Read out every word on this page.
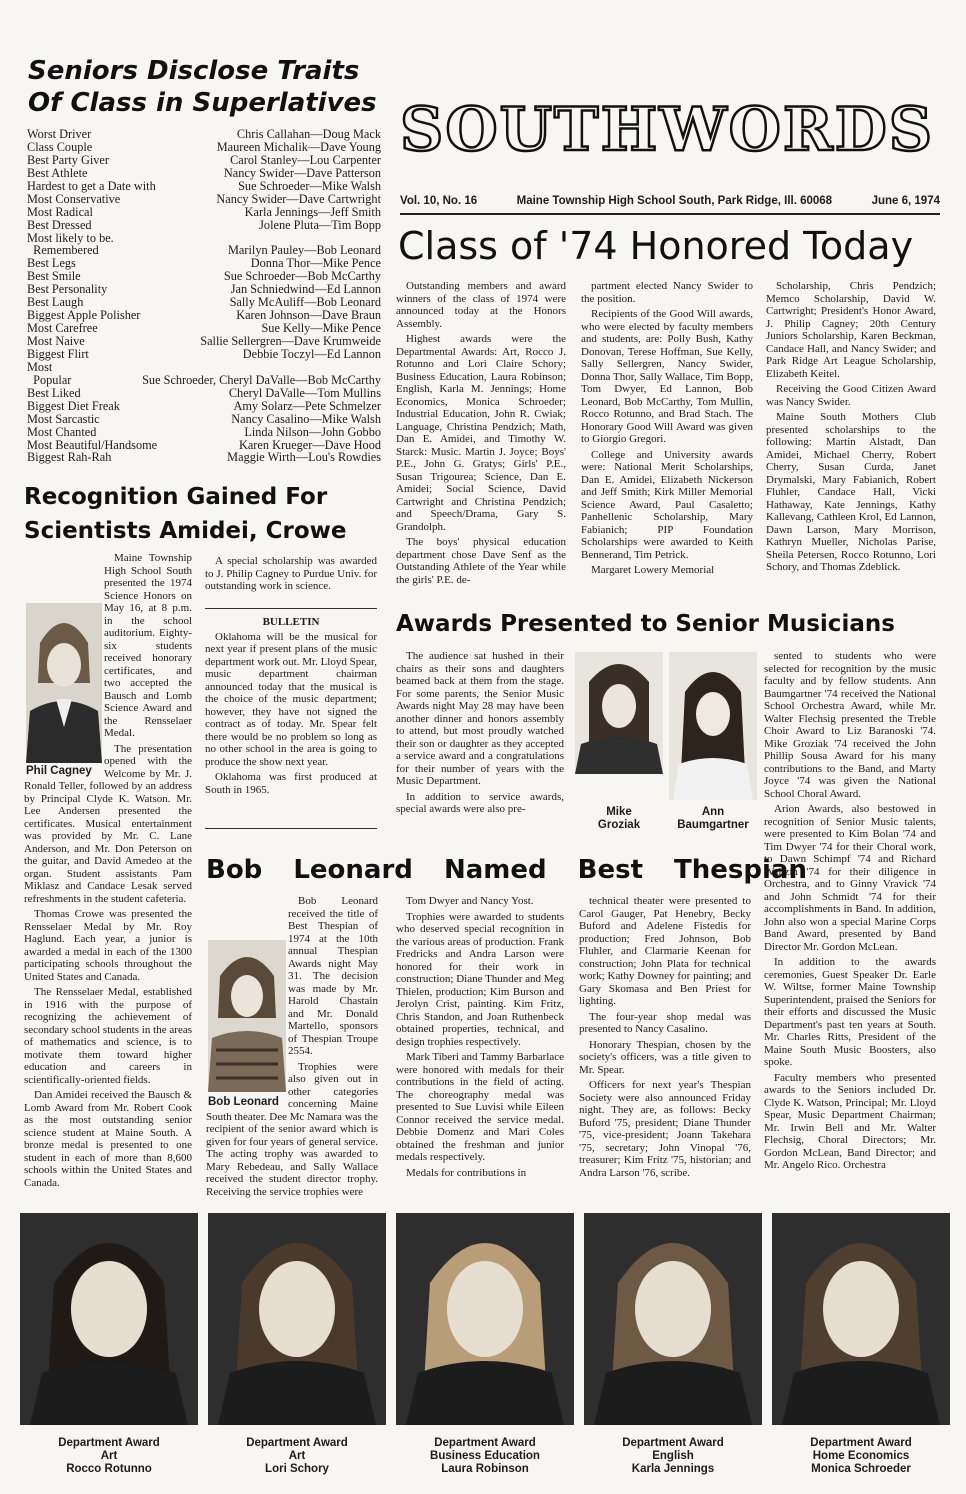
Seniors Disclose Traits
Of Class in Superlatives
Worst Driver	Chris Callahan—Doug Mack
Class Couple	Maureen Michalik—Dave Young
Best Party Giver	Carol Stanley—Lou Carpenter
Best Athlete	Nancy Swider—Dave Patterson
Hardest to get a Date with	Sue Schroeder—Mike Walsh
Most Conservative	Nancy Swider—Dave Cartwright
Most Radical	Karla Jennings—Jeff Smith
Best Dressed	Jolene Pluta—Tim Bopp
Most likely to be.
Remembered	Marilyn Pauley—Bob Leonard
Best Legs	Donna Thor—Mike Pence
Best Smile	Sue Schroeder—Bob McCarthy
Best Personality	Jan Schniedwind—Ed Lannon
Best Laugh	Sally McAuliff—Bob Leonard
Biggest Apple Polisher	Karen Johnson—Dave Braun
Most Carefree	Sue Kelly—Mike Pence
Most Naive	Sallie Sellergren—Dave Krumweide
Biggest Flirt	Debbie Toczyl—Ed Lannon
Most
Popular	Sue Schroeder, Cheryl DaValle—Bob McCarthy
Best Liked	Cheryl DaValle—Tom Mullins
Biggest Diet Freak	Amy Solarz—Pete Schmelzer
Most Sarcastic	Nancy Casalino—Mike Walsh
Most Chanted	Linda Nilson—John Gobbo
Most Beautiful/Handsome	Karen Krueger—Dave Hood
Biggest Rah-Rah	Maggie Wirth—Lou's Rowdies
SOUTHWORDS
Vol. 10, No. 16	Maine Township High School South, Park Ridge, Ill. 60068	June 6, 1974
Class of '74 Honored Today

Outstanding members and award winners of the class of 1974 were announced today at the Honors Assembly.

Highest awards were the Departmental Awards: Art, Rocco J. Rotunno and Lori Claire Schory; Business Education, Laura Robinson; English, Karla M. Jennings; Home Economics, Monica Schroeder; Industrial Education, John R. Cwiak; Language, Christina Pendzich; Math, Dan E. Amidei, and Timothy W. Starck: Music. Martin J. Joyce; Boys' P.E., John G. Gratys; Girls' P.E., Susan Trigourea; Science, Dan E. Amidei; Social Science, David Cartwright and Christina Pendzich; and Speech/Drama, Gary S. Grandolph.

The boys' physical education department chose Dave Senf as the Outstanding Athlete of the Year while the girls' P.E. de-

partment elected Nancy Swider to the position.

Recipients of the Good Will awards, who were elected by faculty members and students, are: Polly Bush, Kathy Donovan, Terese Hoffman, Sue Kelly, Sally Sellergren, Nancy Swider, Donna Thor, Sally Wallace, Tim Bopp, Tom Dwyer, Ed Lannon, Bob Leonard, Bob McCarthy, Tom Mullin, Rocco Rotunno, and Brad Stach. The Honorary Good Will Award was given to Giorgio Gregori.

College and University awards were: National Merit Scholarships, Dan E. Amidei, Elizabeth Nickerson and Jeff Smith; Kirk Miller Memorial Science Award, Paul Casaletto; Panhellenic Scholarship, Mary Fabianich; PIP Foundation Scholarships were awarded to Keith Bennerand, Tim Petrick.

Margaret Lowery Memorial

Scholarship, Chris Pendzich; Memco Scholarship, David W. Cartwright; President's Honor Award, J. Philip Cagney; 20th Century Juniors Scholarship, Karen Beckman, Candace Hall, and Nancy Swider; and Park Ridge Art League Scholarship, Elizabeth Keitel.

Receiving the Good Citizen Award was Nancy Swider.

Maine South Mothers Club presented scholarships to the following: Martin Alstadt, Dan Amidei, Michael Cherry, Robert Cherry, Susan Curda, Janet Drymalski, Mary Fabianich, Robert Fluhler, Candace Hall, Vicki Hathaway, Kate Jennings, Kathy Kallevang, Cathleen Krol, Ed Lannon, Dawn Larson, Mary Morrison, Kathryn Mueller, Nicholas Parise, Sheila Petersen, Rocco Rotunno, Lori Schory, and Thomas Zdeblick.

Recognition Gained For
Scientists Amidei, Crowe
Phil Cagney

Maine Township High School South presented the 1974 Science Honors on May 16, at 8 p.m. in the school auditorium. Eighty-six students received honorary certificates, and two accepted the Bausch and Lomb Science Award and the Rensselaer Medal.

The presentation opened with the Welcome by Mr. J. Ronald Teller, followed by an address by Principal Clyde K. Watson. Mr. Lee Andersen presented the certificates. Musical entertainment was provided by Mr. C. Lane Anderson, and Mr. Don Peterson on the guitar, and David Amedeo at the organ. Student assistants Pam Miklasz and Candace Lesak served refreshments in the student cafeteria.

Thomas Crowe was presented the Rensselaer Medal by Mr. Roy Haglund. Each year, a junior is awarded a medal in each of the 1300 participating schools throughout the United States and Canada.

The Rensselaer Medal, established in 1916 with the purpose of recognizing the achievement of secondary school students in the areas of mathematics and science, is to motivate them toward higher education and careers in scientifically-oriented fields.

Dan Amidei received the Bausch & Lomb Award from Mr. Robert Cook as the most outstanding senior science student at Maine South. A bronze medal is presented to one student in each of more than 8,600 schools within the United States and Canada.

A special scholarship was awarded to J. Philip Cagney to Purdue Univ. for outstanding work in science.

BULLETIN

Oklahoma will be the musical for next year if present plans of the music department work out. Mr. Lloyd Spear, music department chairman announced today that the musical is the choice of the music department; however, they have not signed the contract as of today. Mr. Spear felt there would be no problem so long as no other school in the area is going to produce the show next year.

Oklahoma was first produced at South in 1965.

Awards Presented to Senior Musicians

The audience sat hushed in their chairs as their sons and daughters beamed back at them from the stage. For some parents, the Senior Music Awards night May 28 may have been another dinner and honors assembly to attend, but most proudly watched their son or daughter as they accepted a service award and a congratulations for their number of years with the Music Department.

In addition to service awards, special awards were also pre-	Mike
Groziak
Ann
Baumgartner

sented to students who were selected for recognition by the music faculty and by fellow students. Ann Baumgartner '74 received the National School Orchestra Award, while Mr. Walter Flechsig presented the Treble Choir Award to Liz Baranoski '74. Mike Groziak '74 received the John Phillip Sousa Award for his many contributions to the Band, and Marty Joyce '74 was given the National School Choral Award.

Arion Awards, also bestowed in recognition of Senior Music talents, were presented to Kim Bolan '74 and Tim Dwyer '74 for their Choral work, to Dawn Schimpf '74 and Richard Waltzin '74 for their diligence in Orchestra, and to Ginny Vravick '74 and John Schmidt '74 for their accomplishments in Band. In addition, John also won a special Marine Corps Band Award, presented by Band Director Mr. Gordon McLean.

In addition to the awards ceremonies, Guest Speaker Dr. Earle W. Wiltse, former Maine Township Superintendent, praised the Seniors for their efforts and discussed the Music Department's past ten years at South. Mr. Charles Ritts, President of the Maine South Music Boosters, also spoke.

Faculty members who presented awards to the Seniors included Dr. Clyde K. Watson, Principal; Mr. Lloyd Spear, Music Department Chairman; Mr. Irwin Bell and Mr. Walter Flechsig, Choral Directors; Mr. Gordon McLean, Band Director; and Mr. Angelo Rico. Orchestra

Bob Leonard Named Best Thespian
Bob Leonard

Bob Leonard received the title of Best Thespian of 1974 at the 10th annual Thespian Awards night May 31. The decision was made by Mr. Harold Chastain and Mr. Donald Martello, sponsors of Thespian Troupe 2554.

Trophies were also given out in other categories concerning Maine South theater. Dee Mc Namara was the recipient of the senior award which is given for four years of general service. The acting trophy was awarded to Mary Rebedeau, and Sally Wallace received the student director trophy. Receiving the service trophies were

Tom Dwyer and Nancy Yost.

Trophies were awarded to students who deserved special recognition in the various areas of production. Frank Fredricks and Andra Larson were honored for their work in construction; Diane Thunder and Meg Thielen, production; Kim Burson and Jerolyn Crist, painting. Kim Fritz, Chris Standon, and Joan Ruthenbeck obtained properties, technical, and design trophies respectively.

Mark Tiberi and Tammy Barbarlace were honored with medals for their contributions in the field of acting. The choreography medal was presented to Sue Luvisi while Eileen Connor received the service medal. Debbie Domenz and Mari Coles obtained the freshman and junior medals respectively.

Medals for contributions in

technical theater were presented to Carol Gauger, Pat Henebry, Becky Buford and Adelene Fistedis for production; Fred Johnson, Bob Fluhler, and Clarmarie Keenan for construction; John Plata for technical work; Kathy Downey for painting; and Gary Skomasa and Ben Priest for lighting.

The four-year shop medal was presented to Nancy Casalino.

Honorary Thespian, chosen by the society's officers, was a title given to Mr. Spear.

Officers for next year's Thespian Society were also announced Friday night. They are, as follows: Becky Buford '75, president; Diane Thunder '75, vice-president; Joann Takehara '75, secretary; John Vinopal '76, treasurer; Kim Fritz '75, historian; and Andra Larson '76, scribe.

Department Award
Art
Rocco Rotunno
Department Award
Art
Lori Schory
Department Award
Business Education
Laura Robinson
Department Award
English
Karla Jennings
Department Award
Home Economics
Monica Schroeder
